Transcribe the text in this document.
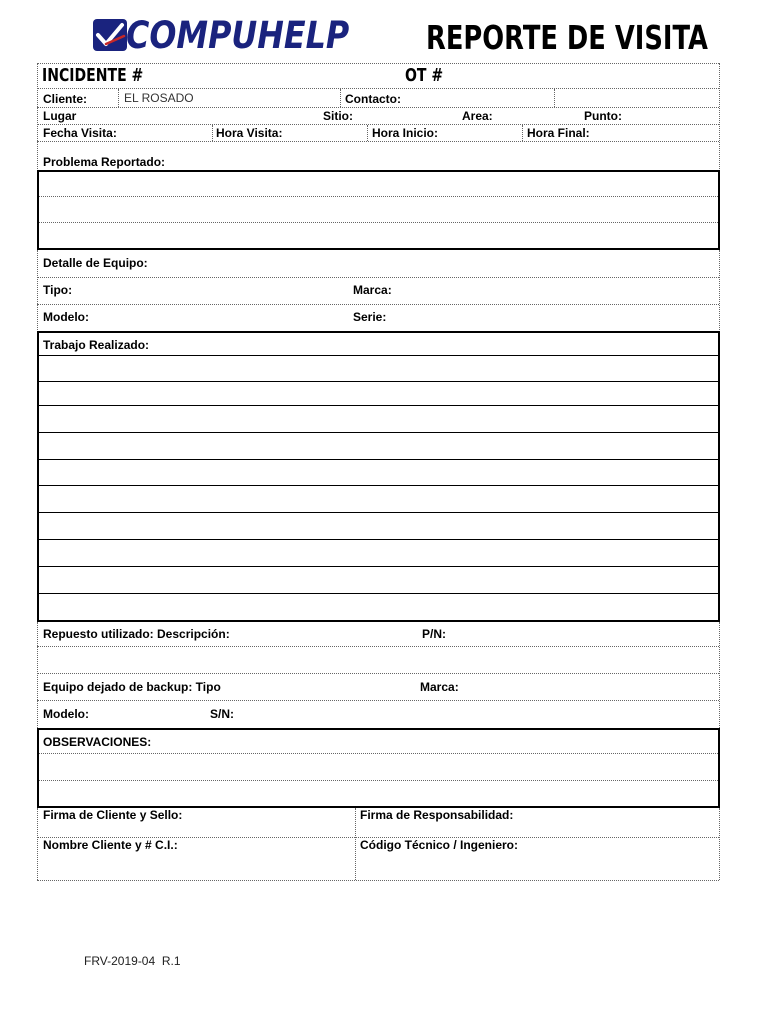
COMPUHELP REPORTE DE VISITA
INCIDENTE #	OT #
Cliente:	EL ROSADO	Contacto:
Lugar	Sitio:	Area:	Punto:
Fecha Visita:	Hora Visita:	Hora Inicio:	Hora Final:
Problema Reportado:
Detalle de Equipo:
Tipo:	Marca:
Modelo:	Serie:
Trabajo Realizado:
Repuesto utilizado: Descripción:	P/N:
Equipo dejado de backup: Tipo	Marca:
Modelo:	S/N:
OBSERVACIONES:
Firma de Cliente y Sello:	Firma de Responsabilidad:
Nombre Cliente y # C.I.:	Código Técnico / Ingeniero:
FRV-2019-04  R.1
